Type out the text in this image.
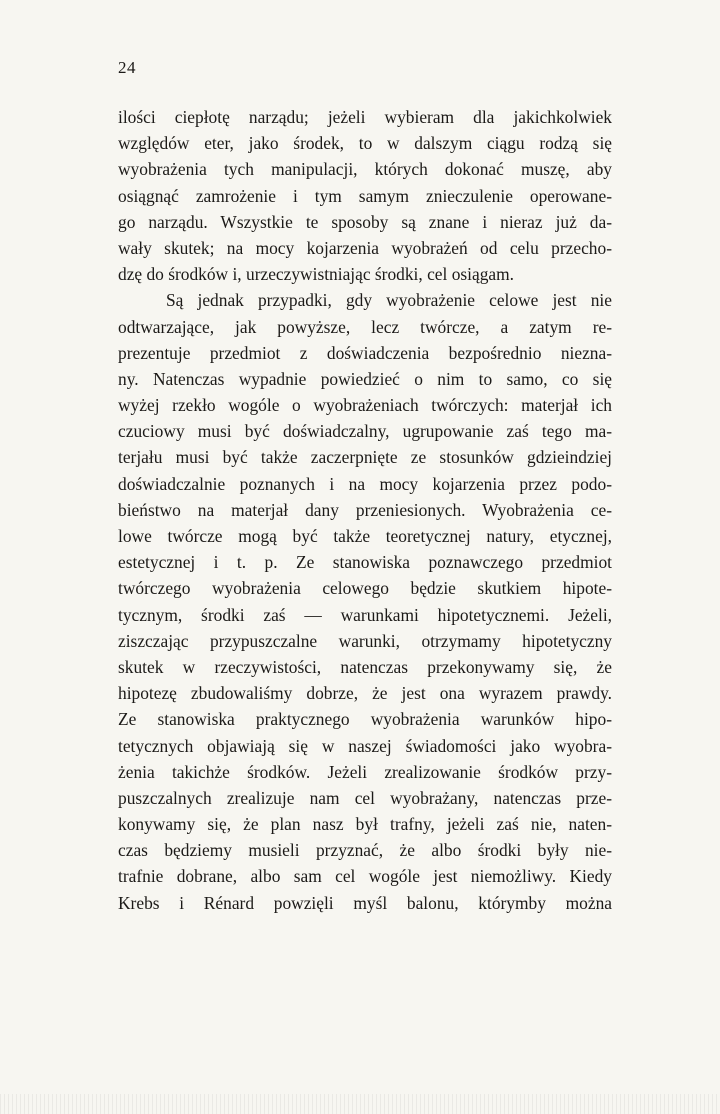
24
ilości ciepłotę narządu; jeżeli wybieram dla jakichkolwiek
względów eter, jako środek, to w dalszym ciągu rodzą się
wyobrażenia tych manipulacji, których dokonać muszę, aby
osiągnąć zamrożenie i tym samym znieczulenie operowane-
go narządu. Wszystkie te sposoby są znane i nieraz już da-
wały skutek; na mocy kojarzenia wyobrażeń od celu przecho-
dzę do środków i, urzeczywistniając środki, cel osiągam.
Są jednak przypadki, gdy wyobrażenie celowe jest nie
odtwarzające, jak powyższe, lecz twórcze, a zatym re-
prezentuje przedmiot z doświadczenia bezpośrednio niezna-
ny. Natenczas wypadnie powiedzieć o nim to samo, co się
wyżej rzekło wogóle o wyobrażeniach twórczych: materjał ich
czuciowy musi być doświadczalny, ugrupowanie zaś tego ma-
terjału musi być także zaczerpnięte ze stosunków gdzieindziej
doświadczalnie poznanych i na mocy kojarzenia przez podo-
bieństwo na materjał dany przeniesionych. Wyobrażenia ce-
lowe twórcze mogą być także teoretycznej natury, etycznej,
estetycznej i t. p. Ze stanowiska poznawczego przedmiot
twórczego wyobrażenia celowego będzie skutkiem hipote-
tycznym, środki zaś — warunkami hipotetycznemi. Jeżeli,
ziszczając przypuszczalne warunki, otrzymamy hipotetyczny
skutek w rzeczywistości, natenczas przekonywamy się, że
hipotezę zbudowaliśmy dobrze, że jest ona wyrazem prawdy.
Ze stanowiska praktycznego wyobrażenia warunków hipo-
tetycznych objawiają się w naszej świadomości jako wyobra-
żenia takichże środków. Jeżeli zrealizowanie środków przy-
puszczalnych zrealizuje nam cel wyobrażany, natenczas prze-
konywamy się, że plan nasz był trafny, jeżeli zaś nie, naten-
czas będziemy musieli przyznać, że albo środki były nie-
trafnie dobrane, albo sam cel wogóle jest niemożliwy. Kiedy
Krebs i Rénard powzięli myśl balonu, którymby można
